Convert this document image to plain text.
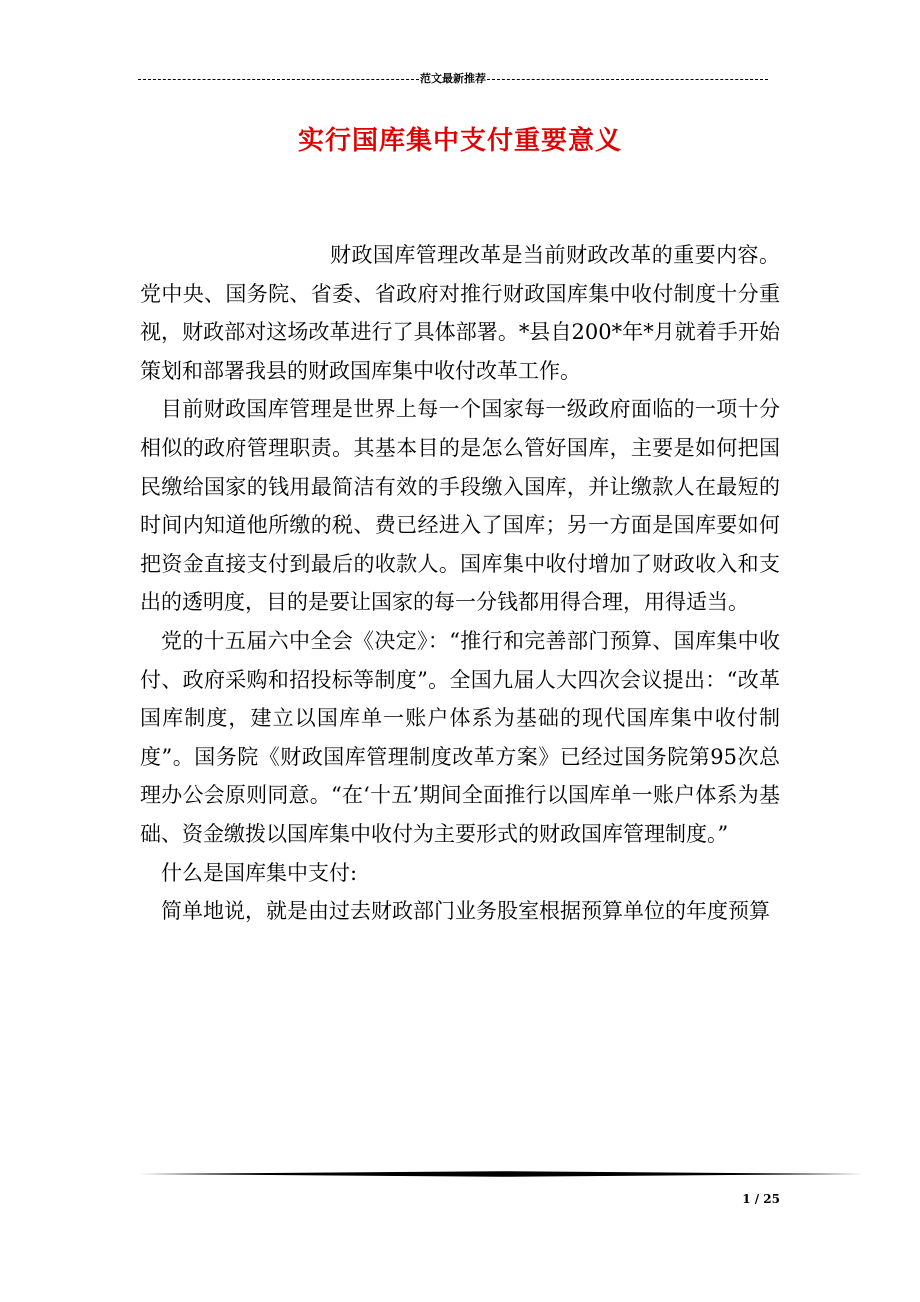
范文最新推荐
实行国库集中支付重要意义

财政国库管理改革是当前财政改革的重要内容。党中央、国务院、省委、省政府对推行财政国库集中收付制度十分重视，财政部对这场改革进行了具体部署。*县自200*年*月就着手开始策划和部署我县的财政国库集中收付改革工作。

目前财政国库管理是世界上每一个国家每一级政府面临的一项十分相似的政府管理职责。其基本目的是怎么管好国库，主要是如何把国民缴给国家的钱用最简洁有效的手段缴入国库，并让缴款人在最短的时间内知道他所缴的税、费已经进入了国库；另一方面是国库要如何把资金直接支付到最后的收款人。国库集中收付增加了财政收入和支出的透明度，目的是要让国家的每一分钱都用得合理，用得适当。

党的十五届六中全会《决定》：“推行和完善部门预算、国库集中收付、政府采购和招投标等制度”。全国九届人大四次会议提出：“改革国库制度，建立以国库单一账户体系为基础的现代国库集中收付制度”。国务院《财政国库管理制度改革方案》已经过国务院第95次总理办公会原则同意。“在‘十五’期间全面推行以国库单一账户体系为基础、资金缴拨以国库集中收付为主要形式的财政国库管理制度。”

什么是国库集中支付:

简单地说，就是由过去财政部门业务股室根据预算单位的年度预算

1 / 25
